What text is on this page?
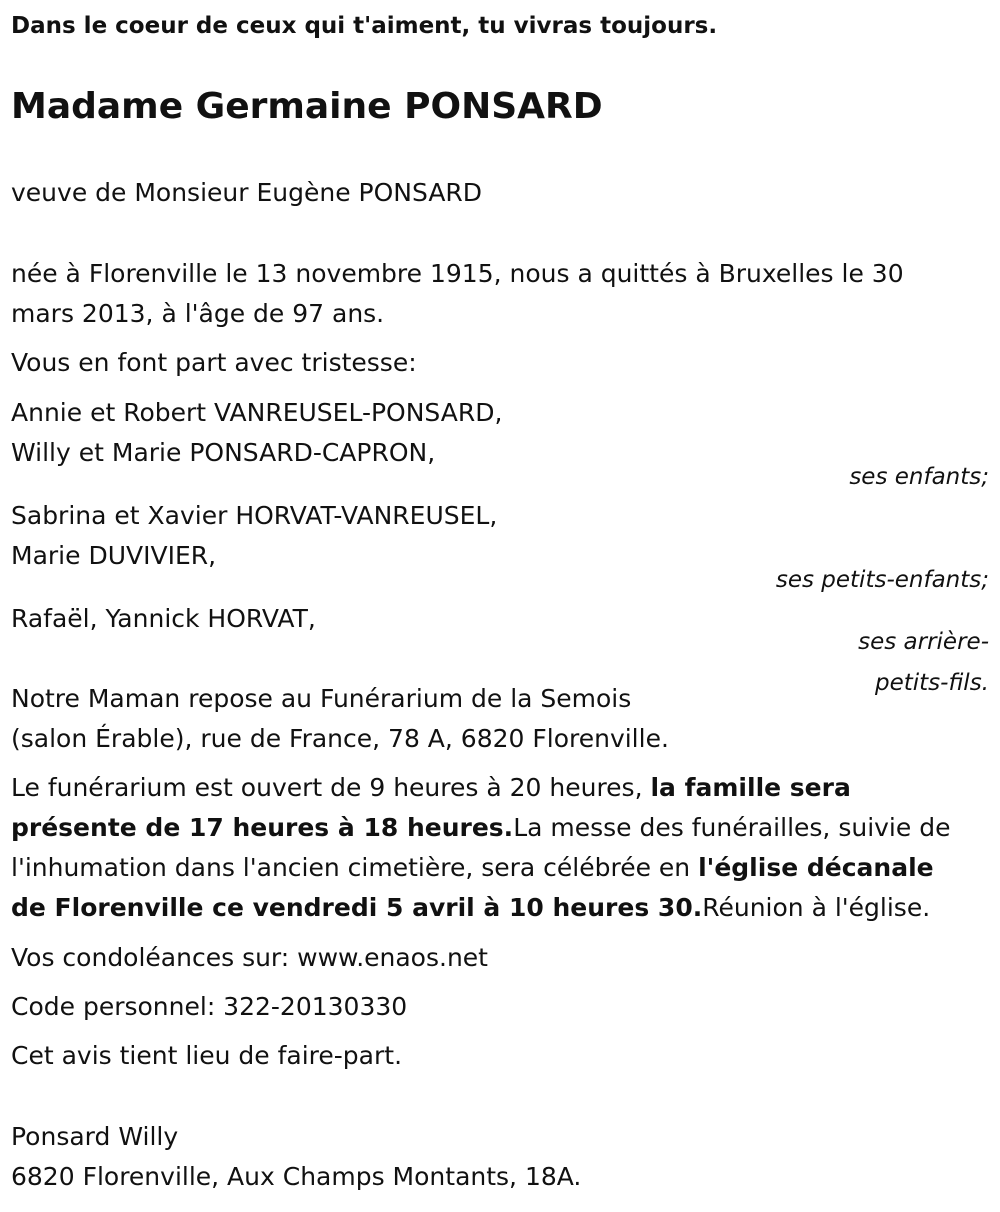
Dans le coeur de ceux qui t'aiment, tu vivras toujours.

Madame Germaine PONSARD

veuve de Monsieur Eugène PONSARD

née à Florenville le 13 novembre 1915, nous a quittés à Bruxelles le 30

mars 2013, à l'âge de 97 ans.

Vous en font part avec tristesse:

Annie et Robert VANREUSEL-PONSARD,

Willy et Marie PONSARD-CAPRON,

ses enfants;

Sabrina et Xavier HORVAT-VANREUSEL,

Marie DUVIVIER,

ses petits-enfants;

Rafaël, Yannick HORVAT,

ses arrière-

petits-fils.

Notre Maman repose au Funérarium de la Semois

(salon Érable), rue de France, 78 A, 6820 Florenville.

Le funérarium est ouvert de 9 heures à 20 heures, la famille sera

présente de 17 heures à 18 heures.La messe des funérailles, suivie de

l'inhumation dans l'ancien cimetière, sera célébrée en l'église décanale

de Florenville ce vendredi 5 avril à 10 heures 30.Réunion à l'église.

Vos condoléances sur: www.enaos.net

Code personnel: 322-20130330

Cet avis tient lieu de faire-part.

Ponsard Willy

6820 Florenville, Aux Champs Montants, 18A.
